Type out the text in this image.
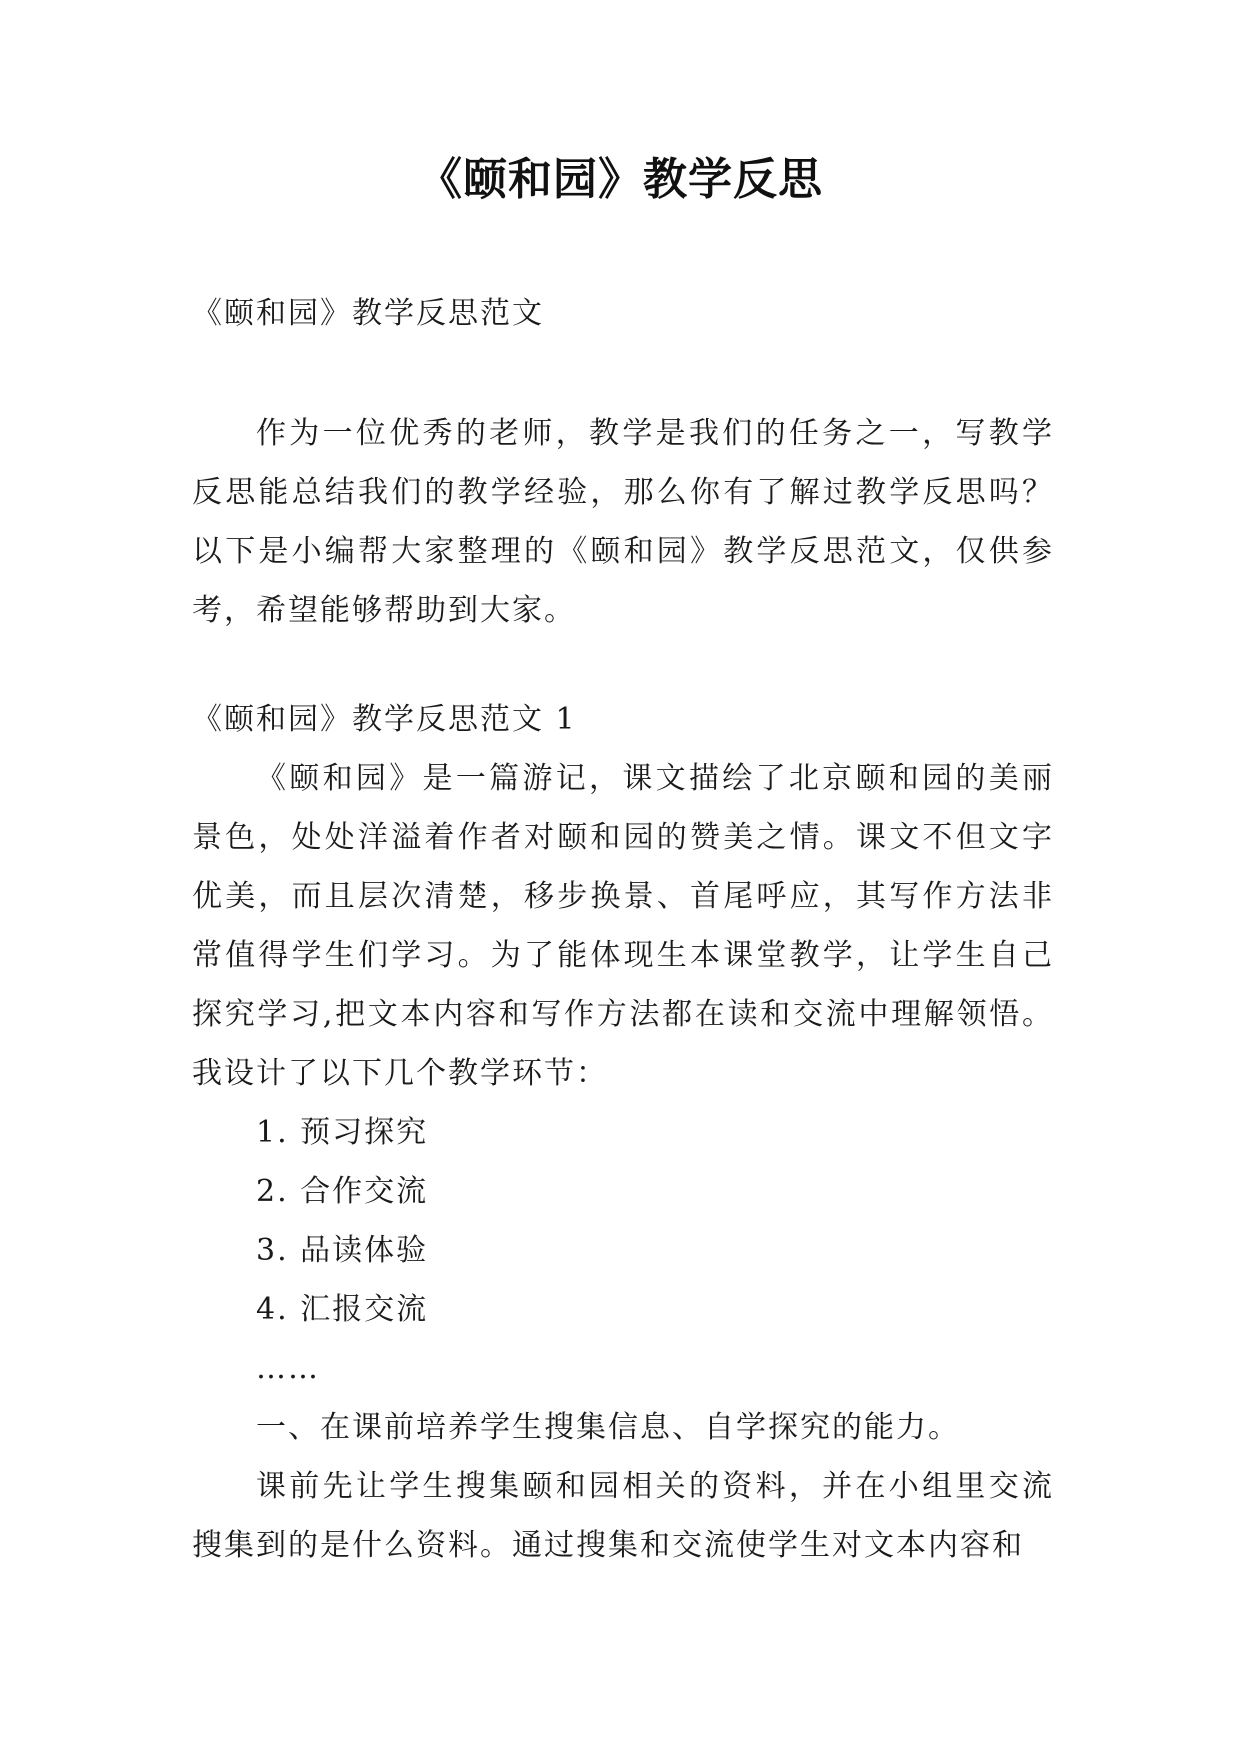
《颐和园》教学反思
《颐和园》教学反思范文

作为一位优秀的老师，教学是我们的任务之一，写教学反思能总结我们的教学经验，那么你有了解过教学反思吗？以下是小编帮大家整理的《颐和园》教学反思范文，仅供参考，希望能够帮助到大家。

《颐和园》教学反思范文 1

《颐和园》是一篇游记，课文描绘了北京颐和园的美丽景色，处处洋溢着作者对颐和园的赞美之情。课文不但文字优美，而且层次清楚，移步换景、首尾呼应，其写作方法非常值得学生们学习。为了能体现生本课堂教学，让学生自己探究学习,把文本内容和写作方法都在读和交流中理解领悟。我设计了以下几个教学环节：

1. 预习探究

2. 合作交流

3. 品读体验

4. 汇报交流

……

一、在课前培养学生搜集信息、自学探究的能力。

课前先让学生搜集颐和园相关的资料，并在小组里交流搜集到的是什么资料。通过搜集和交流使学生对文本内容和
